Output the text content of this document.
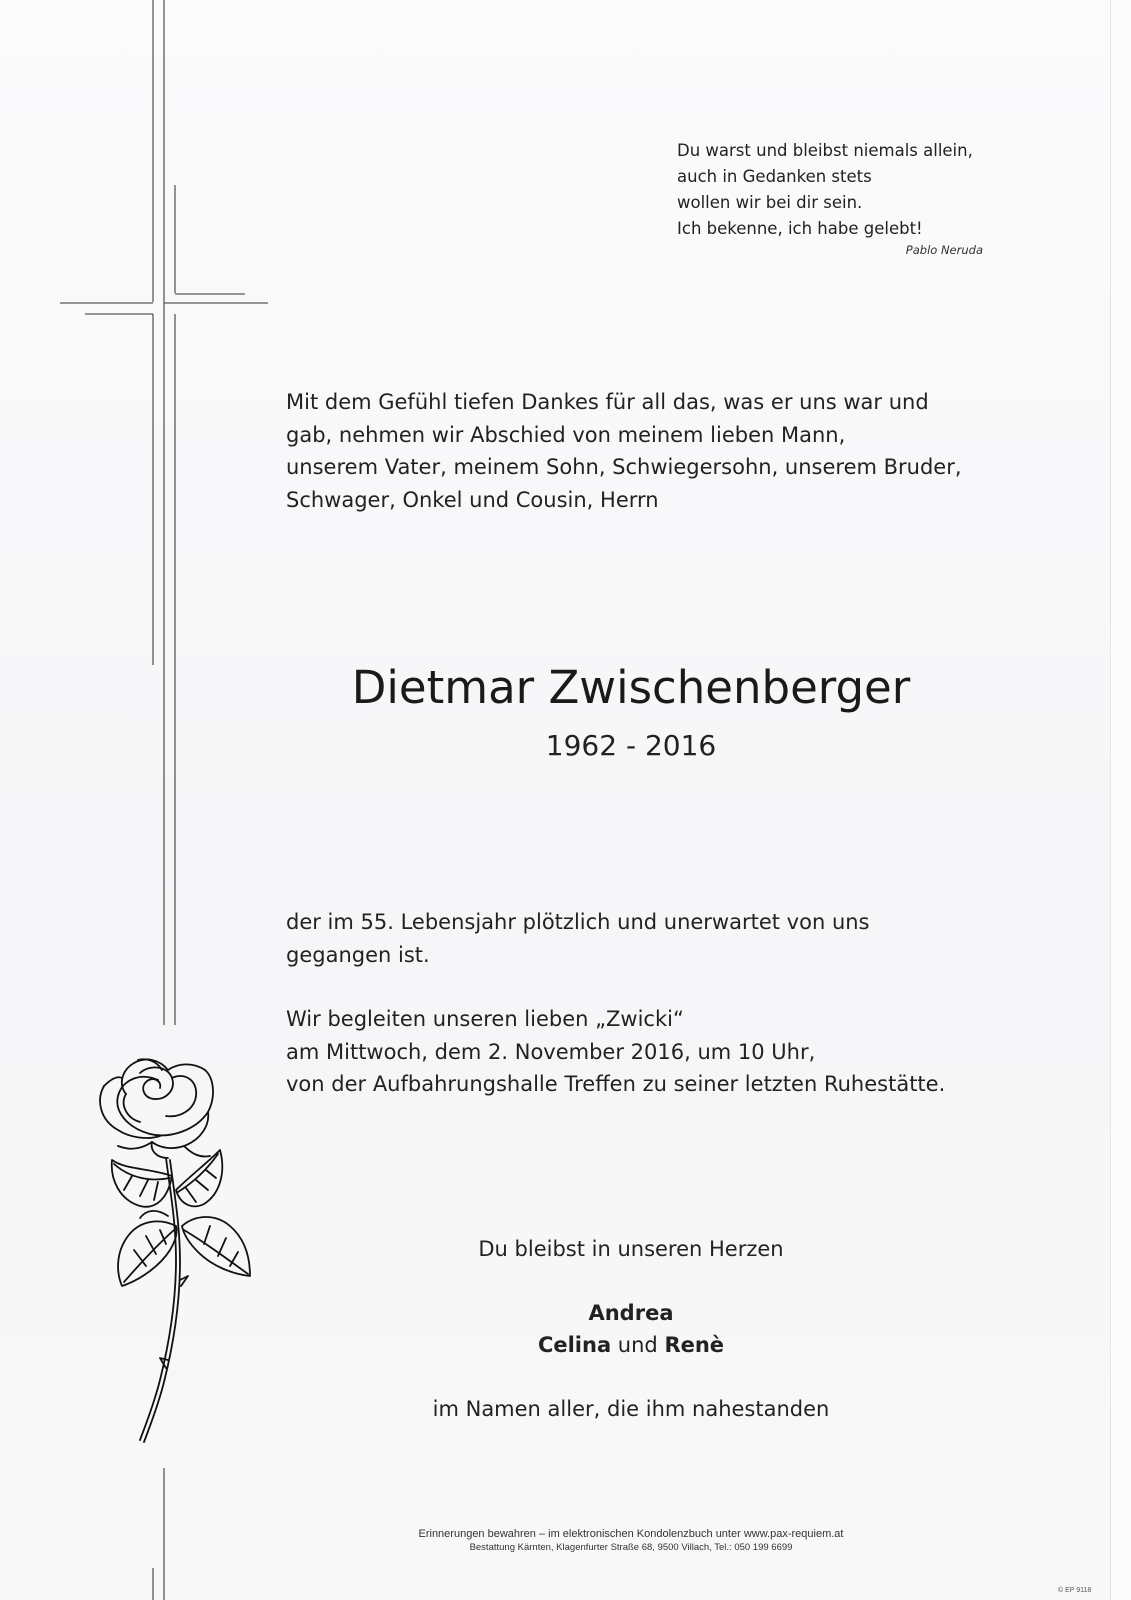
Du warst und bleibst niemals allein,
auch in Gedanken stets
wollen wir bei dir sein.
Ich bekenne, ich habe gelebt!
Pablo Neruda
Mit dem Gefühl tiefen Dankes für all das, was er uns war und
gab, nehmen wir Abschied von meinem lieben Mann,
unserem Vater, meinem Sohn, Schwiegersohn, unserem Bruder,
Schwager, Onkel und Cousin, Herrn
Dietmar Zwischenberger
1962 - 2016
der im 55. Lebensjahr plötzlich und unerwartet von uns
gegangen ist.
Wir begleiten unseren lieben „Zwicki“
am Mittwoch, dem 2. November 2016, um 10 Uhr,
von der Aufbahrungshalle Treffen zu seiner letzten Ruhestätte.
Du bleibst in unseren Herzen
Andrea
Celina und Renè
im Namen aller, die ihm nahestanden
Erinnerungen bewahren – im elektronischen Kondolenzbuch unter www.pax-requiem.at
Bestattung Kärnten, Klagenfurter Straße 68, 9500 Villach, Tel.: 050 199 6699
© EP 9118
